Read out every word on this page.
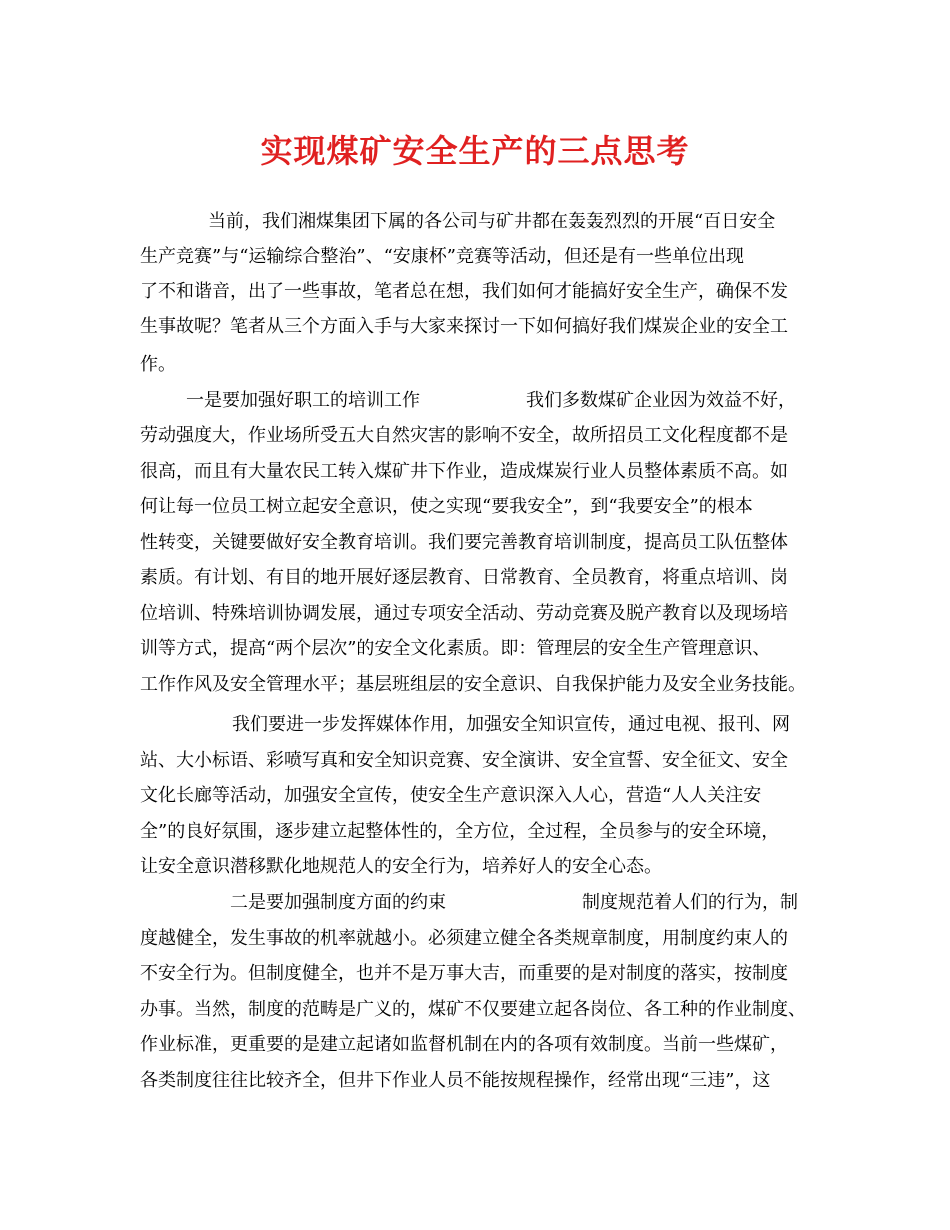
实现煤矿安全生产的三点思考
当前，我们湘煤集团下属的各公司与矿井都在轰轰烈烈的开展“百日安全
生产竞赛”与“运输综合整治”、“安康杯”竞赛等活动，但还是有一些单位出现
了不和谐音，出了一些事故，笔者总在想，我们如何才能搞好安全生产，确保不发
生事故呢？笔者从三个方面入手与大家来探讨一下如何搞好我们煤炭企业的安全工
作。
一是要加强好职工的培训工作	我们多数煤矿企业因为效益不好，
劳动强度大，作业场所受五大自然灾害的影响不安全，故所招员工文化程度都不是
很高，而且有大量农民工转入煤矿井下作业，造成煤炭行业人员整体素质不高。如
何让每一位员工树立起安全意识，使之实现“要我安全”，到“我要安全”的根本
性转变，关键要做好安全教育培训。我们要完善教育培训制度，提高员工队伍整体
素质。有计划、有目的地开展好逐层教育、日常教育、全员教育，将重点培训、岗
位培训、特殊培训协调发展，通过专项安全活动、劳动竞赛及脱产教育以及现场培
训等方式，提高“两个层次”的安全文化素质。即：管理层的安全生产管理意识、
工作作风及安全管理水平；基层班组层的安全意识、自我保护能力及安全业务技能。
我们要进一步发挥媒体作用，加强安全知识宣传，通过电视、报刊、网
站、大小标语、彩喷写真和安全知识竞赛、安全演讲、安全宣誓、安全征文、安全
文化长廊等活动，加强安全宣传，使安全生产意识深入人心，营造“人人关注安
全”的良好氛围，逐步建立起整体性的，全方位，全过程，全员参与的安全环境，
让安全意识潜移默化地规范人的安全行为，培养好人的安全心态。
二是要加强制度方面的约束	制度规范着人们的行为，制
度越健全，发生事故的机率就越小。必须建立健全各类规章制度，用制度约束人的
不安全行为。但制度健全，也并不是万事大吉，而重要的是对制度的落实，按制度
办事。当然，制度的范畴是广义的，煤矿不仅要建立起各岗位、各工种的作业制度、
作业标准，更重要的是建立起诸如监督机制在内的各项有效制度。当前一些煤矿，
各类制度往往比较齐全，但井下作业人员不能按规程操作，经常出现“三违”，这
